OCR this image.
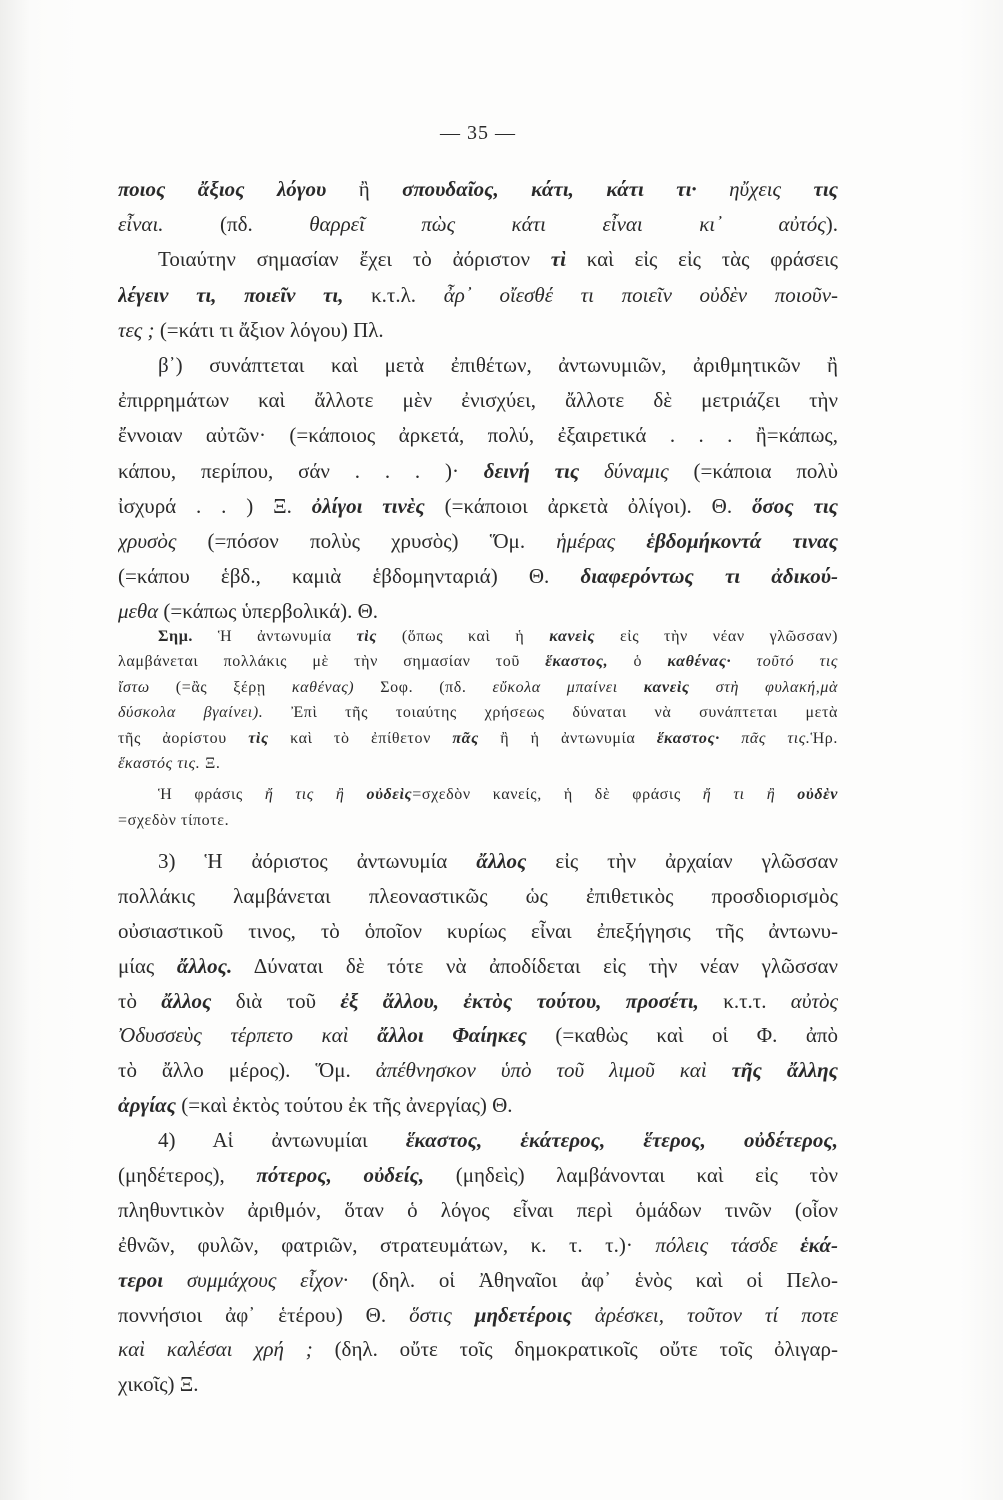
— 35 —
ποιος ἄξιος λόγου ἢ σπουδαῖος, κάτι, κάτι τι· ηὔχεις τις
εἶναι. (πδ. θαρρεῖ πὼς κάτι εἶναι κι᾽ αὐτός).
Τοιαύτην σημασίαν ἔχει τὸ ἀόριστον τὶ καὶ εἰς εἰς τὰς φράσεις
λέγειν τι, ποιεῖν τι, κ.τ.λ. ἆρ᾽ οἴεσθέ τι ποιεῖν οὐδὲν ποιοῦν-
τες ; (=κάτι τι ἄξιον λόγου) Πλ.
β᾽) συνάπτεται καὶ μετὰ ἐπιθέτων, ἀντωνυμιῶν, ἀριθμητικῶν ἢ
ἐπιρρημάτων καὶ ἄλλοτε μὲν ἐνισχύει, ἄλλοτε δὲ μετριάζει τὴν
ἔννοιαν αὐτῶν· (=κάποιος ἀρκετά, πολύ, ἐξαιρετικά . . . ἢ=κάπως,
κάπου, περίπου, σάν . . . )· δεινή τις δύναμις (=κάποια πολὺ
ἰσχυρά . . ) Ξ. ὀλίγοι τινὲς (=κάποιοι ἀρκετὰ ὀλίγοι). Θ. ὅσος τις
χρυσὸς (=πόσον πολὺς χρυσὸς) Ὅμ. ἡμέρας ἑβδομήκοντά τινας
(=κάπου ἑβδ., καμιὰ ἑβδομηνταριά) Θ. διαφερόντως τι ἀδικού-
μεθα (=κάπως ὑπερβολικά). Θ.
Σημ. Ἡ ἀντωνυμία τὶς (ὅπως καὶ ἡ κανεὶς εἰς τὴν νέαν γλῶσσαν)
λαμβάνεται πολλάκις μὲ τὴν σημασίαν τοῦ ἕκαστος, ὁ καθένας· τοῦτό τις
ἴστω (=ἂς ξέρῃ καθένας) Σοφ. (πδ. εὔκολα μπαίνει κανεὶς στὴ φυλακή,μὰ
δύσκολα βγαίνει). Ἐπὶ τῆς τοιαύτης χρήσεως δύναται νὰ συνάπτεται μετὰ
τῆς ἀορίστου τὶς καὶ τὸ ἐπίθετον πᾶς ἢ ἡ ἀντωνυμία ἕκαστος· πᾶς τις.Ἡρ.
ἕκαστός τις. Ξ.
Ἡ φράσις ἤ τις ἢ οὐδεὶς=σχεδὸν κανείς, ἡ δὲ φράσις ἤ τι ἢ οὐδὲν
=σχεδὸν τίποτε.
3) Ἡ ἀόριστος ἀντωνυμία ἄλλος εἰς τὴν ἀρχαίαν γλῶσσαν
πολλάκις λαμβάνεται πλεοναστικῶς ὡς ἐπιθετικὸς προσδιορισμὸς
οὐσιαστικοῦ τινος, τὸ ὁποῖον κυρίως εἶναι ἐπεξήγησις τῆς ἀντωνυ-
μίας ἄλλος. Δύναται δὲ τότε νὰ ἀποδίδεται εἰς τὴν νέαν γλῶσσαν
τὸ ἄλλος διὰ τοῦ ἐξ ἄλλου, ἐκτὸς τούτου, προσέτι, κ.τ.τ. αὐτὸς
Ὀδυσσεὺς τέρπετο καὶ ἄλλοι Φαίηκες (=καθὼς καὶ οἱ Φ. ἀπὸ
τὸ ἄλλο μέρος). Ὅμ. ἀπέθνησκον ὑπὸ τοῦ λιμοῦ καὶ τῆς ἄλλης
ἀργίας (=καὶ ἐκτὸς τούτου ἐκ τῆς ἀνεργίας) Θ.
4) Αἱ ἀντωνυμίαι ἕκαστος, ἑκάτερος, ἕτερος, οὐδέτερος,
(μηδέτερος), πότερος, οὐδείς, (μηδεὶς) λαμβάνονται καὶ εἰς τὸν
πληθυντικὸν ἀριθμόν, ὅταν ὁ λόγος εἶναι περὶ ὁμάδων τινῶν (οἷον
ἐθνῶν, φυλῶν, φατριῶν, στρατευμάτων, κ. τ. τ.)· πόλεις τάσδε ἑκά-
τεροι συμμάχους εἶχον· (δηλ. οἱ Ἀθηναῖοι ἀφ᾽ ἑνὸς καὶ οἱ Πελο-
ποννήσιοι ἀφ᾽ ἑτέρου) Θ. ὅστις μηδετέροις ἀρέσκει, τοῦτον τί ποτε
καὶ καλέσαι χρή ; (δηλ. οὔτε τοῖς δημοκρατικοῖς οὔτε τοῖς ὀλιγαρ-
χικοῖς) Ξ.
